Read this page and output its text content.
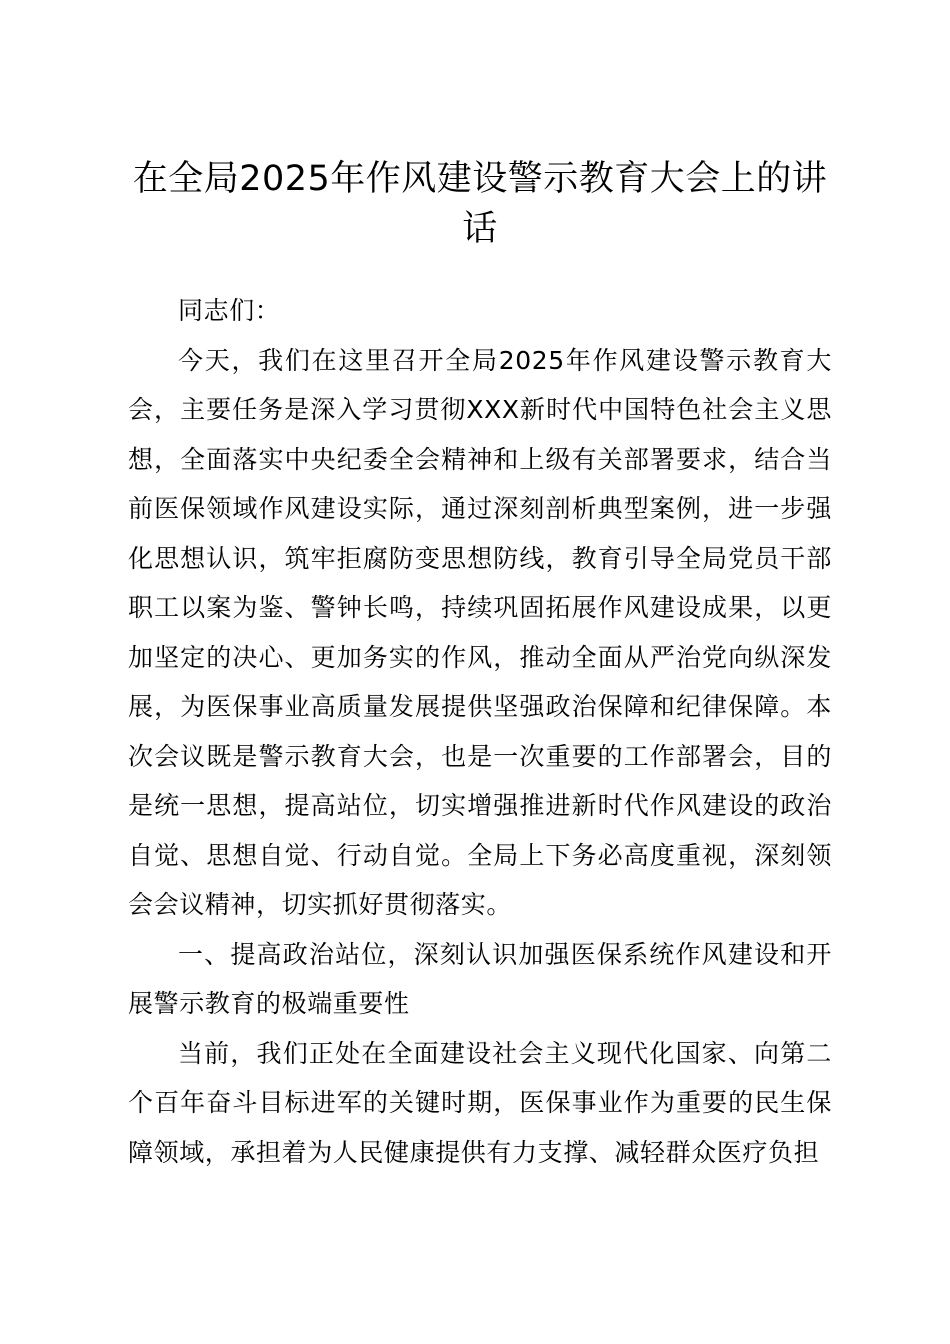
在全局2025年作风建设警示教育大会上的讲话

同志们：

今天，我们在这里召开全局2025年作风建设警示教育大会，主要任务是深入学习贯彻XXX新时代中国特色社会主义思想，全面落实中央纪委全会精神和上级有关部署要求，结合当前医保领域作风建设实际，通过深刻剖析典型案例，进一步强化思想认识，筑牢拒腐防变思想防线，教育引导全局党员干部职工以案为鉴、警钟长鸣，持续巩固拓展作风建设成果，以更加坚定的决心、更加务实的作风，推动全面从严治党向纵深发展，为医保事业高质量发展提供坚强政治保障和纪律保障。本次会议既是警示教育大会，也是一次重要的工作部署会，目的是统一思想，提高站位，切实增强推进新时代作风建设的政治自觉、思想自觉、行动自觉。全局上下务必高度重视，深刻领会会议精神，切实抓好贯彻落实。

一、提高政治站位，深刻认识加强医保系统作风建设和开展警示教育的极端重要性

当前，我们正处在全面建设社会主义现代化国家、向第二个百年奋斗目标进军的关键时期，医保事业作为重要的民生保障领域，承担着为人民健康提供有力支撑、减轻群众医疗负担
